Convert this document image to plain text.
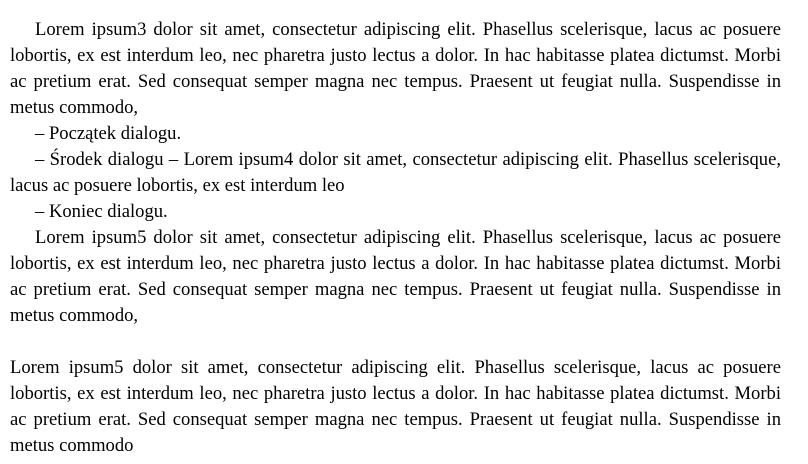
Lorem ipsum3 dolor sit amet, consectetur adipiscing elit. Phasellus scelerisque, lacus ac posuere lobortis, ex est interdum leo, nec pharetra justo lectus a dolor. In hac habitasse platea dictumst. Morbi ac pretium erat. Sed consequat semper magna nec tempus. Praesent ut feugiat nulla. Suspendisse in metus commodo,

– Początek dialogu.

– Środek dialogu – Lorem ipsum4 dolor sit amet, consectetur adipiscing elit. Phasellus scelerisque, lacus ac posuere lobortis, ex est interdum leo

– Koniec dialogu.

Lorem ipsum5 dolor sit amet, consectetur adipiscing elit. Phasellus scelerisque, lacus ac posuere lobortis, ex est interdum leo, nec pharetra justo lectus a dolor. In hac habitasse platea dictumst. Morbi ac pretium erat. Sed consequat semper magna nec tempus. Praesent ut feugiat nulla. Suspendisse in metus commodo,

Lorem ipsum5 dolor sit amet, consectetur adipiscing elit. Phasellus scelerisque, lacus ac posuere lobortis, ex est interdum leo, nec pharetra justo lectus a dolor. In hac habitasse platea dictumst. Morbi ac pretium erat. Sed consequat semper magna nec tempus. Praesent ut feugiat nulla. Suspendisse in metus commodo
